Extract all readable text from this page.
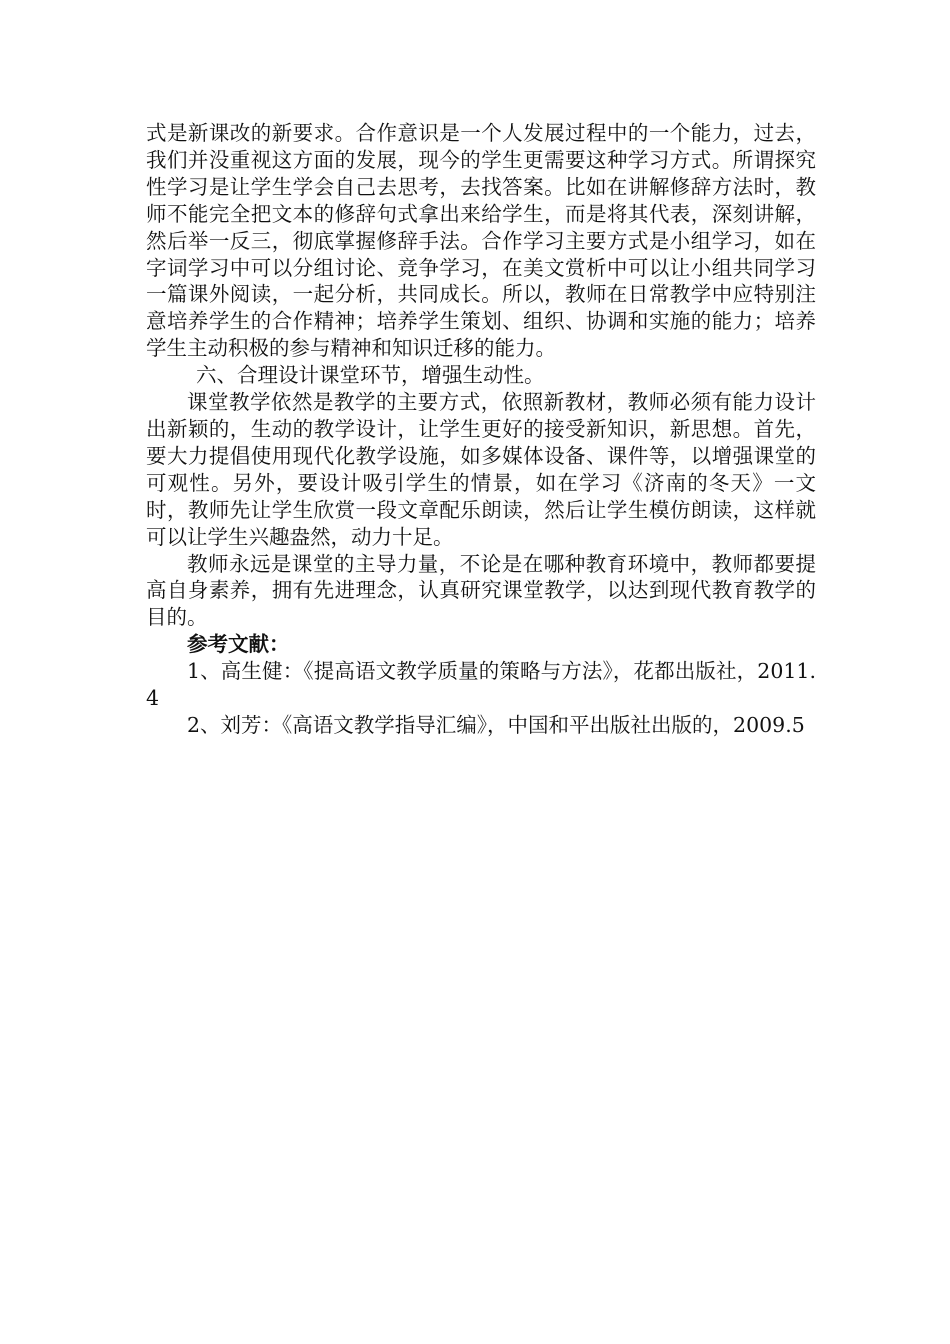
式是新课改的新要求。合作意识是一个人发展过程中的一个能力，过去，我们并没重视这方面的发展，现今的学生更需要这种学习方式。所谓探究性学习是让学生学会自己去思考，去找答案。比如在讲解修辞方法时，教师不能完全把文本的修辞句式拿出来给学生，而是将其代表，深刻讲解，然后举一反三，彻底掌握修辞手法。合作学习主要方式是小组学习，如在字词学习中可以分组讨论、竞争学习，在美文赏析中可以让小组共同学习一篇课外阅读，一起分析，共同成长。所以，教师在日常教学中应特别注意培养学生的合作精神；培养学生策划、组织、协调和实施的能力；培养学生主动积极的参与精神和知识迁移的能力。

六、合理设计课堂环节，增强生动性。

课堂教学依然是教学的主要方式，依照新教材，教师必须有能力设计出新颖的，生动的教学设计，让学生更好的接受新知识，新思想。首先，要大力提倡使用现代化教学设施，如多媒体设备、课件等，以增强课堂的可观性。另外，要设计吸引学生的情景，如在学习《济南的冬天》一文时，教师先让学生欣赏一段文章配乐朗读，然后让学生模仿朗读，这样就可以让学生兴趣盎然，动力十足。

教师永远是课堂的主导力量，不论是在哪种教育环境中，教师都要提高自身素养，拥有先进理念，认真研究课堂教学，以达到现代教育教学的目的。

参考文献：

1、高生健：《提高语文教学质量的策略与方法》，花都出版社，2011.4

2、刘芳：《高语文教学指导汇编》，中国和平出版社出版的，2009.5
